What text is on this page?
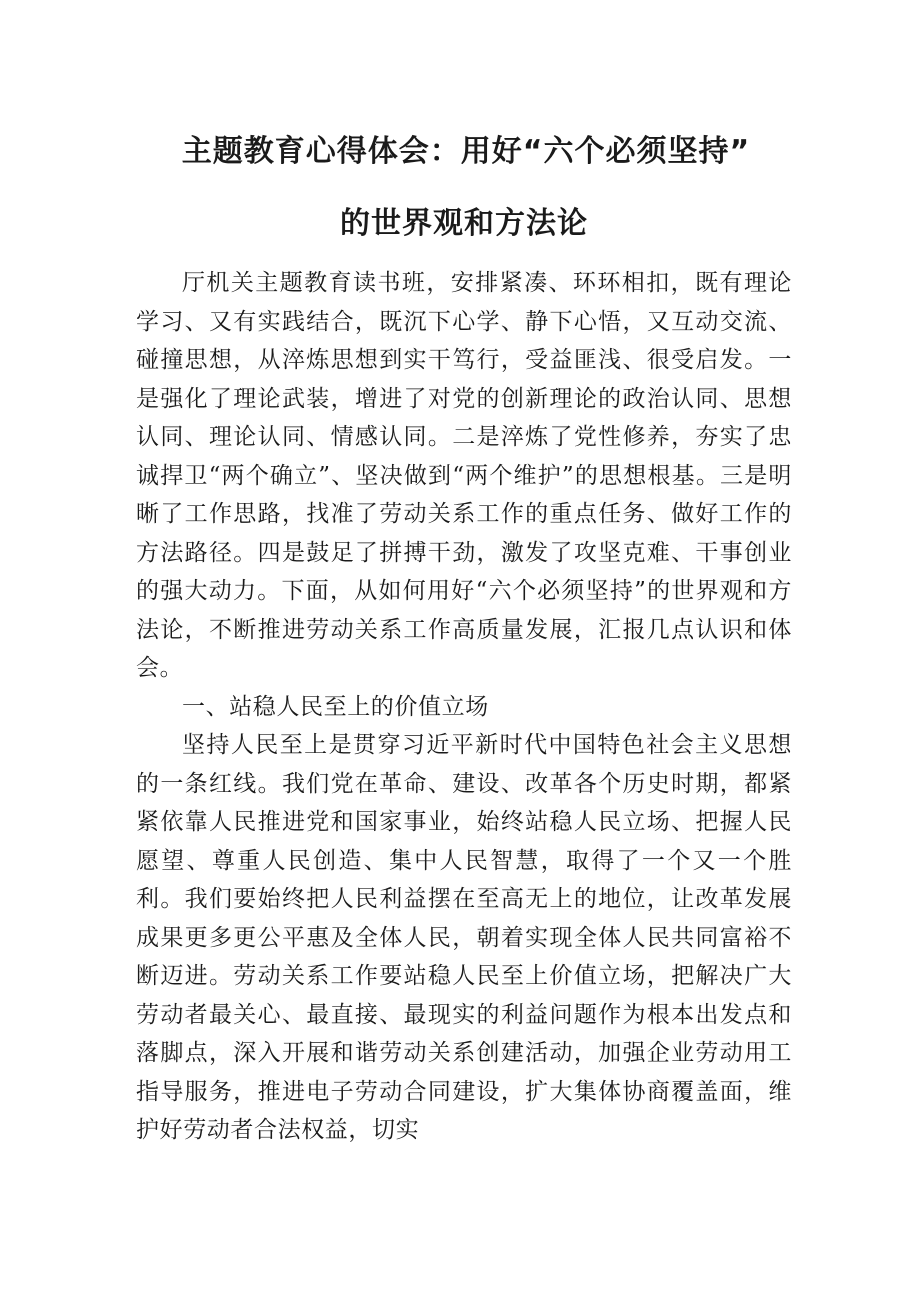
主题教育心得体会：用好“六个必须坚持”
的世界观和方法论

厅机关主题教育读书班，安排紧凑、环环相扣，既有理论学习、又有实践结合，既沉下心学、静下心悟，又互动交流、碰撞思想，从淬炼思想到实干笃行，受益匪浅、很受启发。一是强化了理论武装，增进了对党的创新理论的政治认同、思想认同、理论认同、情感认同。二是淬炼了党性修养，夯实了忠诚捍卫“两个确立”、坚决做到“两个维护”的思想根基。三是明晰了工作思路，找准了劳动关系工作的重点任务、做好工作的方法路径。四是鼓足了拼搏干劲，激发了攻坚克难、干事创业的强大动力。下面，从如何用好“六个必须坚持”的世界观和方法论，不断推进劳动关系工作高质量发展，汇报几点认识和体会。

一、站稳人民至上的价值立场

坚持人民至上是贯穿习近平新时代中国特色社会主义思想的一条红线。我们党在革命、建设、改革各个历史时期，都紧紧依靠人民推进党和国家事业，始终站稳人民立场、把握人民愿望、尊重人民创造、集中人民智慧，取得了一个又一个胜利。我们要始终把人民利益摆在至高无上的地位，让改革发展成果更多更公平惠及全体人民，朝着实现全体人民共同富裕不断迈进。劳动关系工作要站稳人民至上价值立场，把解决广大劳动者最关心、最直接、最现实的利益问题作为根本出发点和落脚点，深入开展和谐劳动关系创建活动，加强企业劳动用工指导服务，推进电子劳动合同建设，扩大集体协商覆盖面，维护好劳动者合法权益，切实
